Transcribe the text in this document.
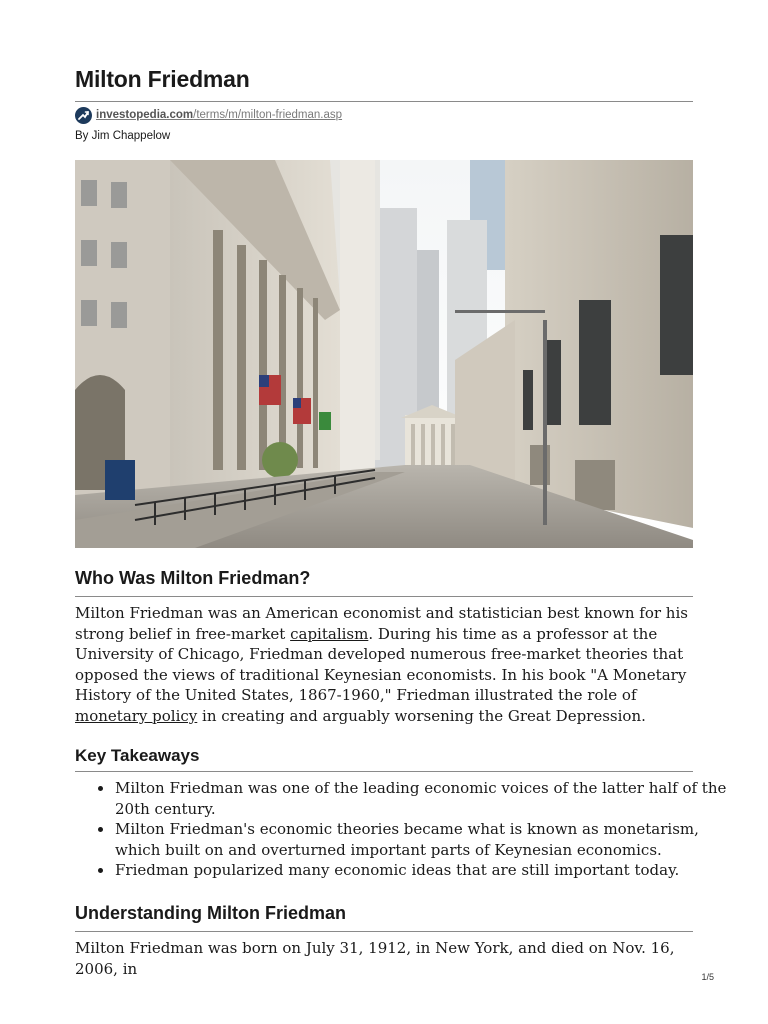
Milton Friedman
investopedia.com/terms/m/milton-friedman.asp
By Jim Chappelow
Who Was Milton Friedman?

Milton Friedman was an American economist and statistician best known for his strong belief in free-market capitalism. During his time as a professor at the University of Chicago, Friedman developed numerous free-market theories that opposed the views of traditional Keynesian economists. In his book "A Monetary History of the United States, 1867-1960," Friedman illustrated the role of monetary policy in creating and arguably worsening the Great Depression.

Key Takeaways
Milton Friedman was one of the leading economic voices of the latter half of the 20th century.
Milton Friedman's economic theories became what is known as monetarism, which built on and overturned important parts of Keynesian economics.
Friedman popularized many economic ideas that are still important today.
Understanding Milton Friedman

Milton Friedman was born on July 31, 1912, in New York, and died on Nov. 16, 2006, in	1/5
